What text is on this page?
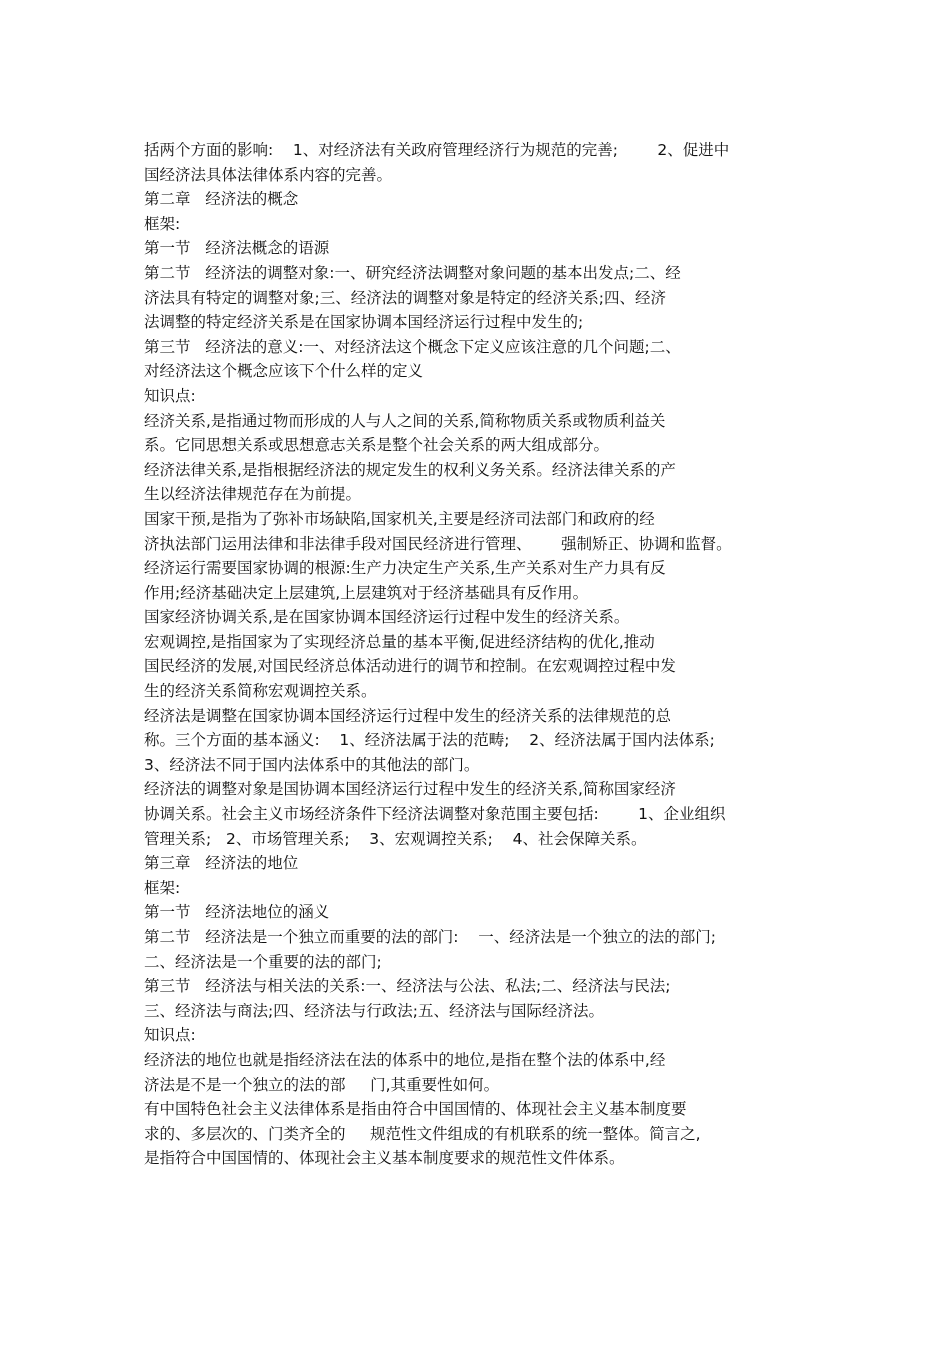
括两个方面的影响:    1、对经济法有关政府管理经济行为规范的完善;        2、促进中
国经济法具体法律体系内容的完善。
第二章   经济法的概念
框架:
第一节   经济法概念的语源
第二节   经济法的调整对象:一、研究经济法调整对象问题的基本出发点;二、经
济法具有特定的调整对象;三、经济法的调整对象是特定的经济关系;四、经济
法调整的特定经济关系是在国家协调本国经济运行过程中发生的;
第三节   经济法的意义:一、对经济法这个概念下定义应该注意的几个问题;二、
对经济法这个概念应该下个什么样的定义
知识点:
经济关系,是指通过物而形成的人与人之间的关系,简称物质关系或物质利益关
系。它同思想关系或思想意志关系是整个社会关系的两大组成部分。
经济法律关系,是指根据经济法的规定发生的权利义务关系。经济法律关系的产
生以经济法律规范存在为前提。
国家干预,是指为了弥补市场缺陷,国家机关,主要是经济司法部门和政府的经
济执法部门运用法律和非法律手段对国民经济进行管理、      强制矫正、协调和监督。
经济运行需要国家协调的根源:生产力决定生产关系,生产关系对生产力具有反
作用;经济基础决定上层建筑,上层建筑对于经济基础具有反作用。
国家经济协调关系,是在国家协调本国经济运行过程中发生的经济关系。
宏观调控,是指国家为了实现经济总量的基本平衡,促进经济结构的优化,推动
国民经济的发展,对国民经济总体活动进行的调节和控制。在宏观调控过程中发
生的经济关系简称宏观调控关系。
经济法是调整在国家协调本国经济运行过程中发生的经济关系的法律规范的总
称。三个方面的基本涵义:    1、经济法属于法的范畴;    2、经济法属于国内法体系;
3、经济法不同于国内法体系中的其他法的部门。
经济法的调整对象是国协调本国经济运行过程中发生的经济关系,简称国家经济
协调关系。社会主义市场经济条件下经济法调整对象范围主要包括:        1、企业组织
管理关系;   2、市场管理关系;    3、宏观调控关系;    4、社会保障关系。
第三章   经济法的地位
框架:
第一节   经济法地位的涵义
第二节   经济法是一个独立而重要的法的部门:    一、经济法是一个独立的法的部门;
二、经济法是一个重要的法的部门;
第三节   经济法与相关法的关系:一、经济法与公法、私法;二、经济法与民法;
三、经济法与商法;四、经济法与行政法;五、经济法与国际经济法。
知识点:
经济法的地位也就是指经济法在法的体系中的地位,是指在整个法的体系中,经
济法是不是一个独立的法的部     门,其重要性如何。
有中国特色社会主义法律体系是指由符合中国国情的、体现社会主义基本制度要
求的、多层次的、门类齐全的     规范性文件组成的有机联系的统一整体。简言之,
是指符合中国国情的、体现社会主义基本制度要求的规范性文件体系。
